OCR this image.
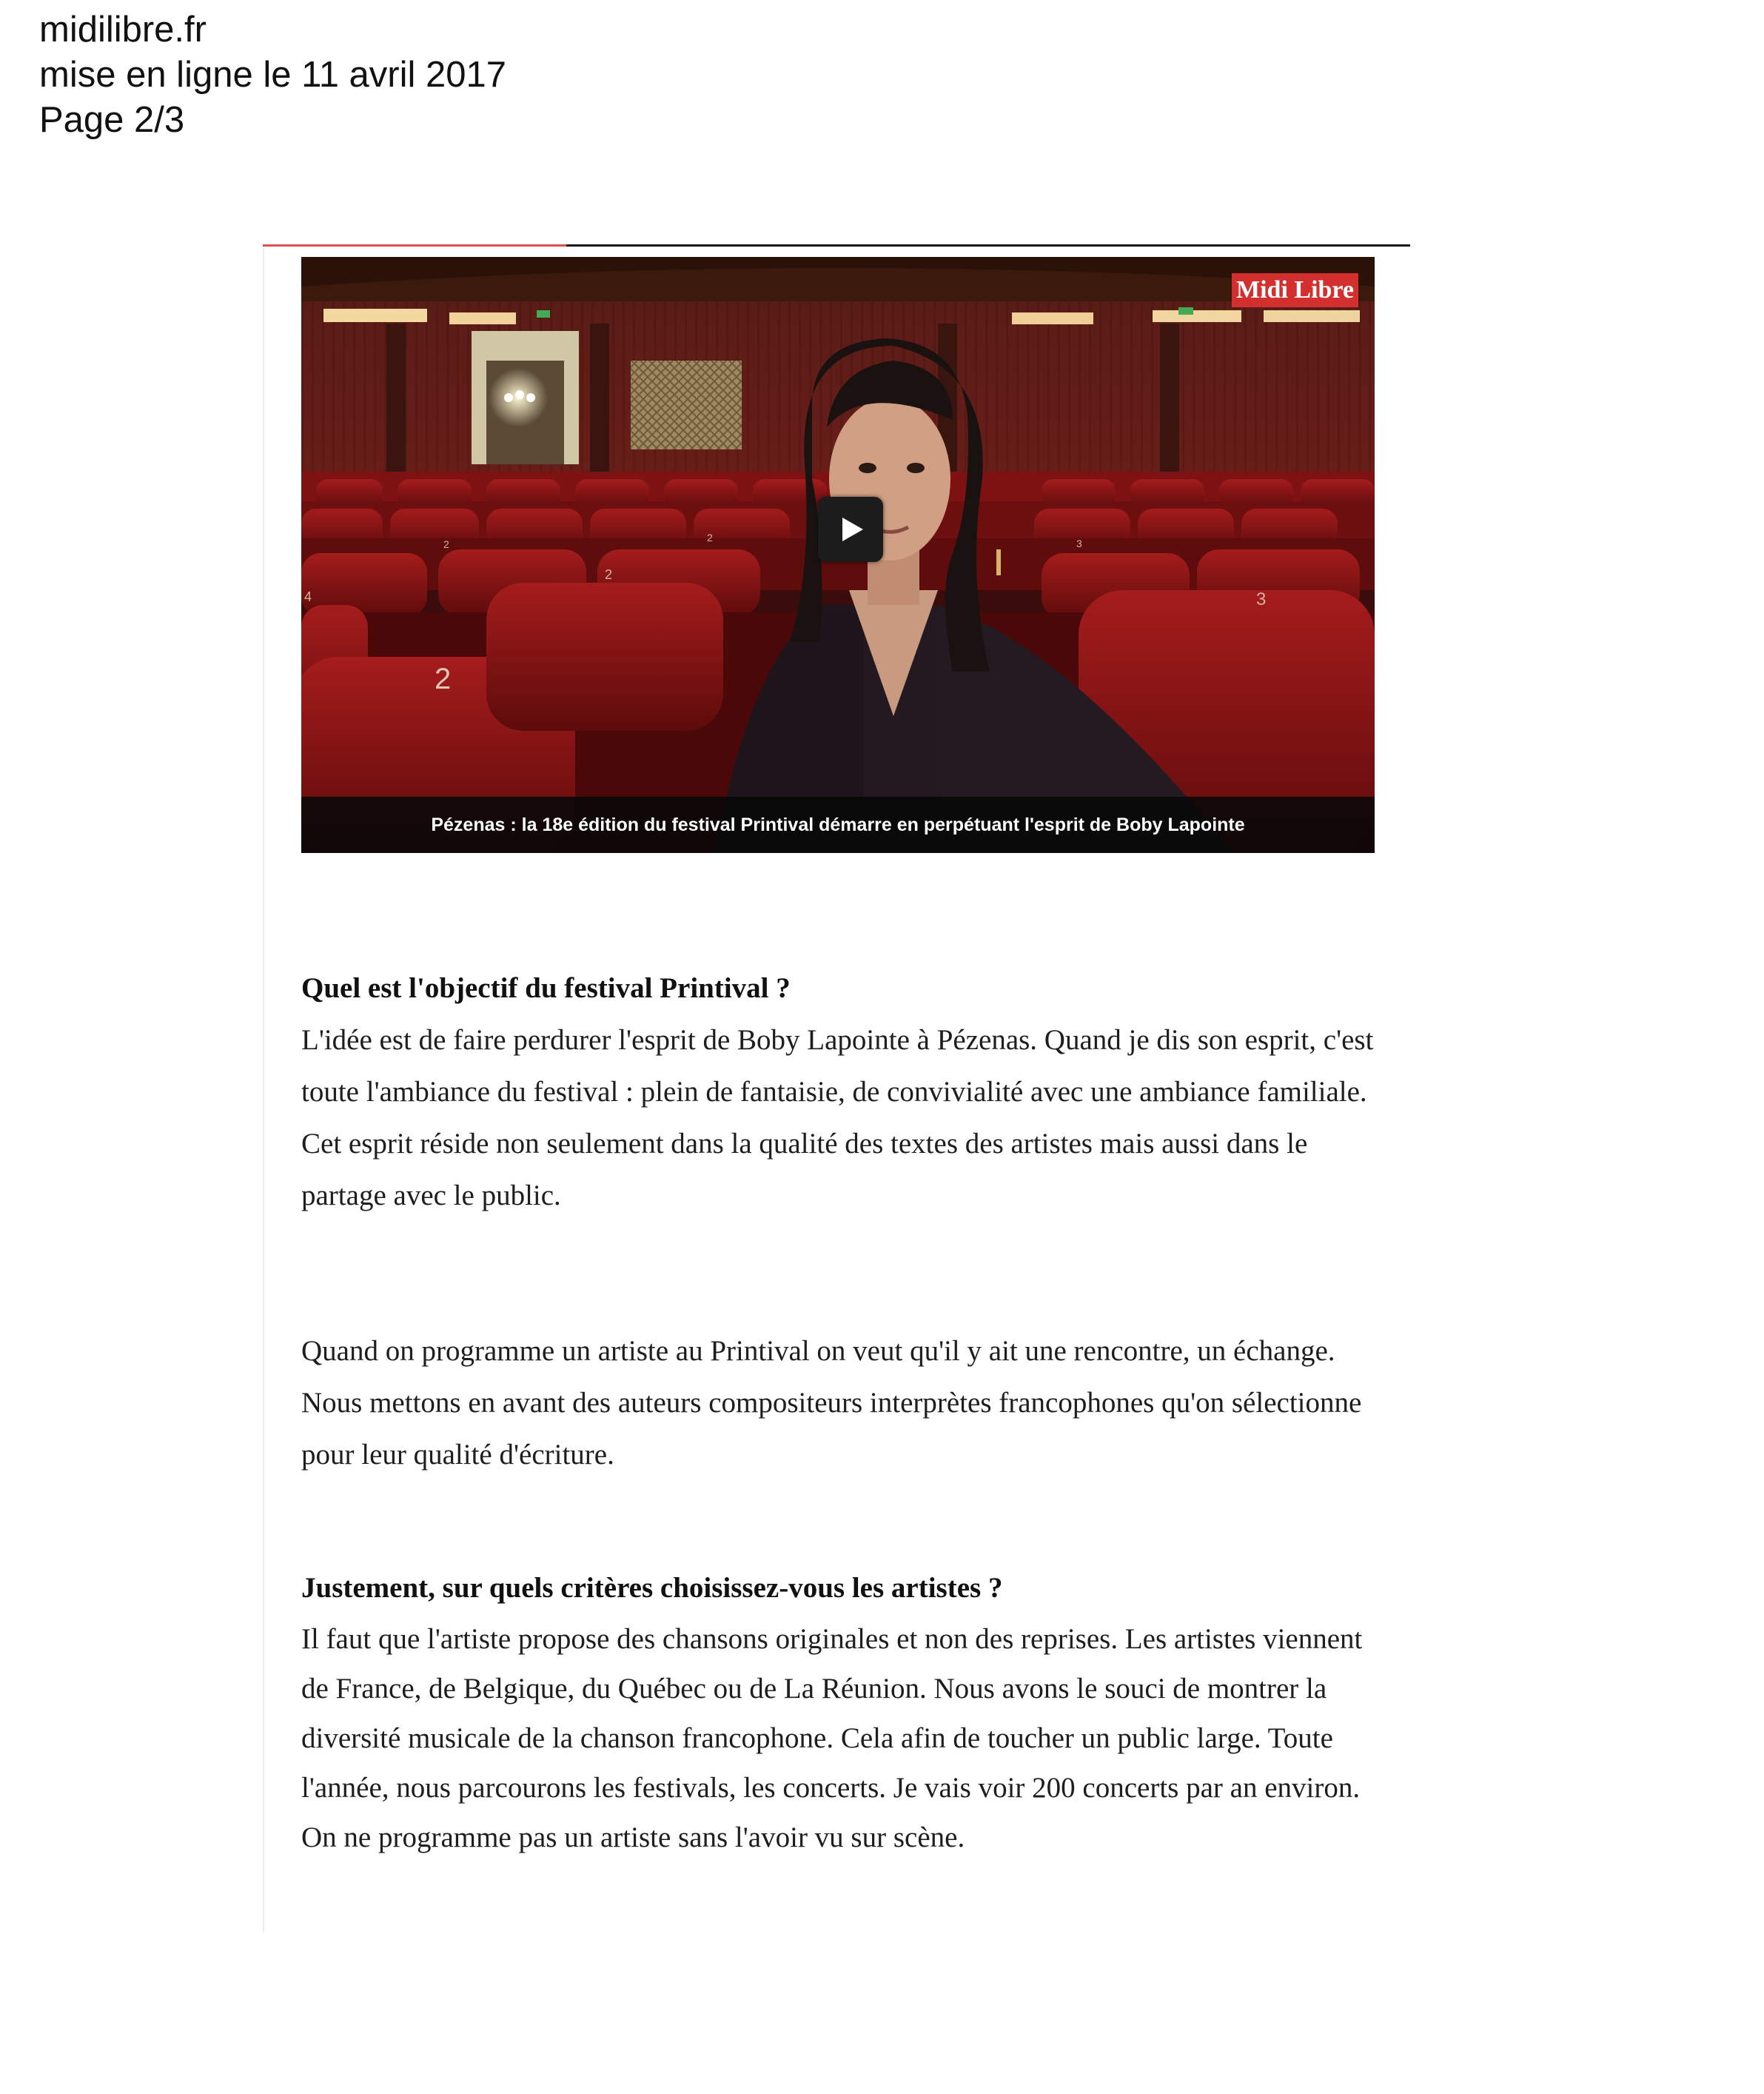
midilibre.fr
mise en ligne le 11 avril 2017
Page 2/3
2
2	3
4
2
3
2
Midi Libre
Pézenas : la 18e édition du festival Printival démarre en perpétuant l'esprit de Boby Lapointe

Quel est l'objectif du festival Printival ?

L'idée est de faire perdurer l'esprit de Boby Lapointe à Pézenas. Quand je dis son esprit, c'est toute l'ambiance du festival : plein de fantaisie, de convivialité avec une ambiance familiale. Cet esprit réside non seulement dans la qualité des textes des artistes mais aussi dans le partage avec le public.

Quand on programme un artiste au Printival on veut qu'il y ait une rencontre, un échange. Nous mettons en avant des auteurs compositeurs interprètes francophones qu'on sélectionne pour leur qualité d'écriture.

Justement, sur quels critères choisissez-vous les artistes ?

Il faut que l'artiste propose des chansons originales et non des reprises. Les artistes viennent de France, de Belgique, du Québec ou de La Réunion. Nous avons le souci de montrer la diversité musicale de la chanson francophone. Cela afin de toucher un public large. Toute l'année, nous parcourons les festivals, les concerts. Je vais voir 200 concerts par an environ. On ne programme pas un artiste sans l'avoir vu sur scène.
